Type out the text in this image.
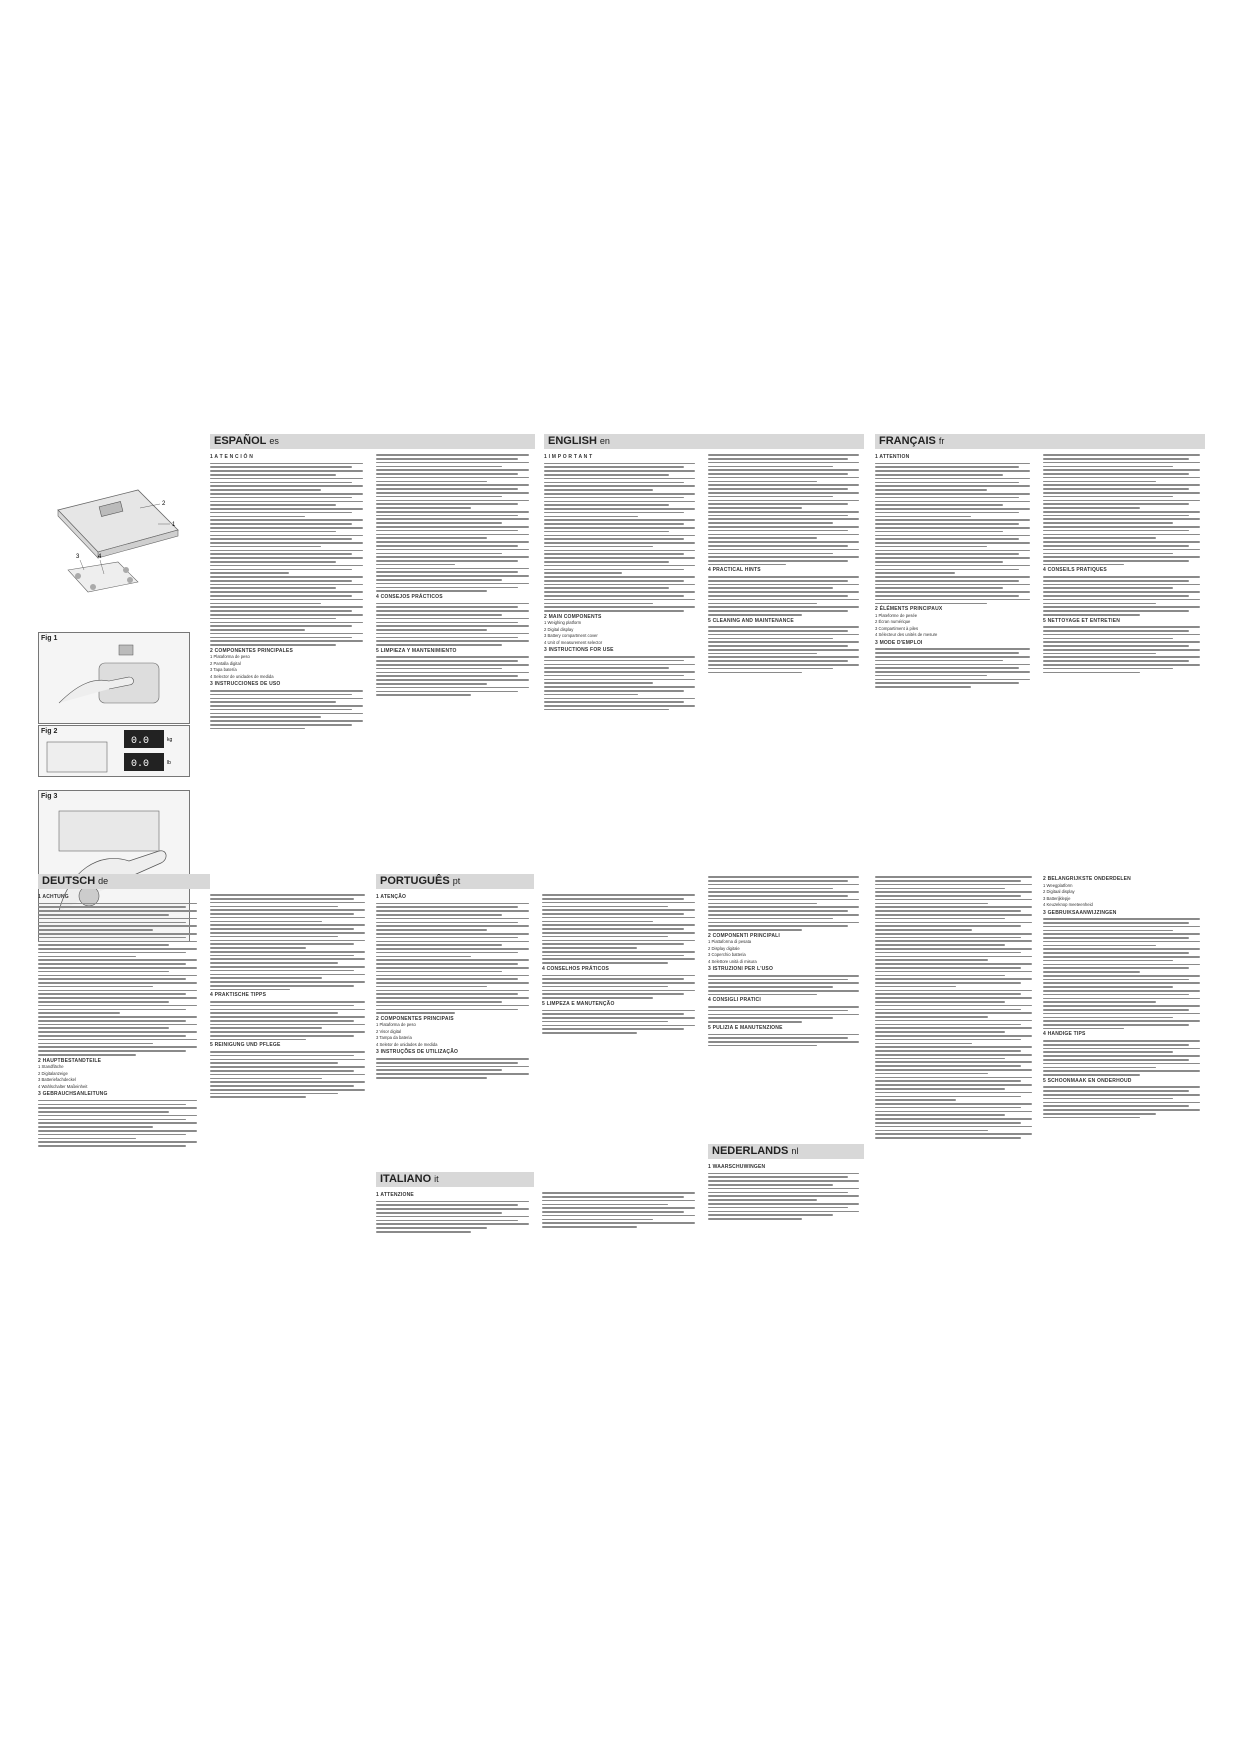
2
1
3	4
Fig 1
Fig 2
0.0
0.0
kg
lb
Fig 3
ESPAÑOL es	ENGLISH en	FRANÇAIS fr
1 A T E N C I Ó N
2 COMPONENTES PRINCIPALES
1 Plataforma de peso
2 Pantalla digital
3 Tapa batería
4 Selector de unidades de medida
3 INSTRUCCIONES DE USO
4 CONSEJOS PRÁCTICOS
5 LIMPIEZA Y MANTENIMIENTO
1 I M P O R T A N T
2 MAIN COMPONENTS
1 Weighing platform
2 Digital display
3 Battery compartment cover
4 Unit of measurement selector
3 INSTRUCTIONS FOR USE
4 PRACTICAL HINTS
5 CLEANING AND MAINTENANCE
1 ATTENTION
2 ÉLÉMENTS PRINCIPAUX
1 Plateforme de pesée
2 Écran numérique
3 Compartiment à piles
4 Sélecteur des unités de mesure
3 MODE D'EMPLOI
4 CONSEILS PRATIQUES
5 NETTOYAGE ET ENTRETIEN
DEUTSCH de	PORTUGUÊS pt
ITALIANO it
NEDERLANDS nl
1 ACHTUNG
2 HAUPTBESTANDTEILE
1 Standfläche
2 Digitalanzeige
3 Batteriefachdeckel
4 Wahlschalter Maßeinheit
3 GEBRAUCHSANLEITUNG
4 PRAKTISCHE TIPPS
5 REINIGUNG UND PFLEGE
1 ATENÇÃO
2 COMPONENTES PRINCIPAIS
1 Plataforma de peso
2 Visor digital
3 Tampa da bateria
4 Seletor de unidades de medida
3 INSTRUÇÕES DE UTILIZAÇÃO
4 CONSELHOS PRÁTICOS
5 LIMPEZA E MANUTENÇÃO
1 ATTENZIONE
2 COMPONENTI PRINCIPALI
1 Piattaforma di pesata
2 Display digitale
3 Coperchio batteria
4 Selettore unità di misura
3 ISTRUZIONI PER L'USO
4 CONSIGLI PRATICI
5 PULIZIA E MANUTENZIONE
1 WAARSCHUWINGEN
2 BELANGRIJKSTE ONDERDELEN
1 Weegplatform
2 Digitaal display
3 Batterijklepje
4 Keuzeknop meeteenheid
3 GEBRUIKSAANWIJZINGEN
4 HANDIGE TIPS
5 SCHOONMAAK EN ONDERHOUD
